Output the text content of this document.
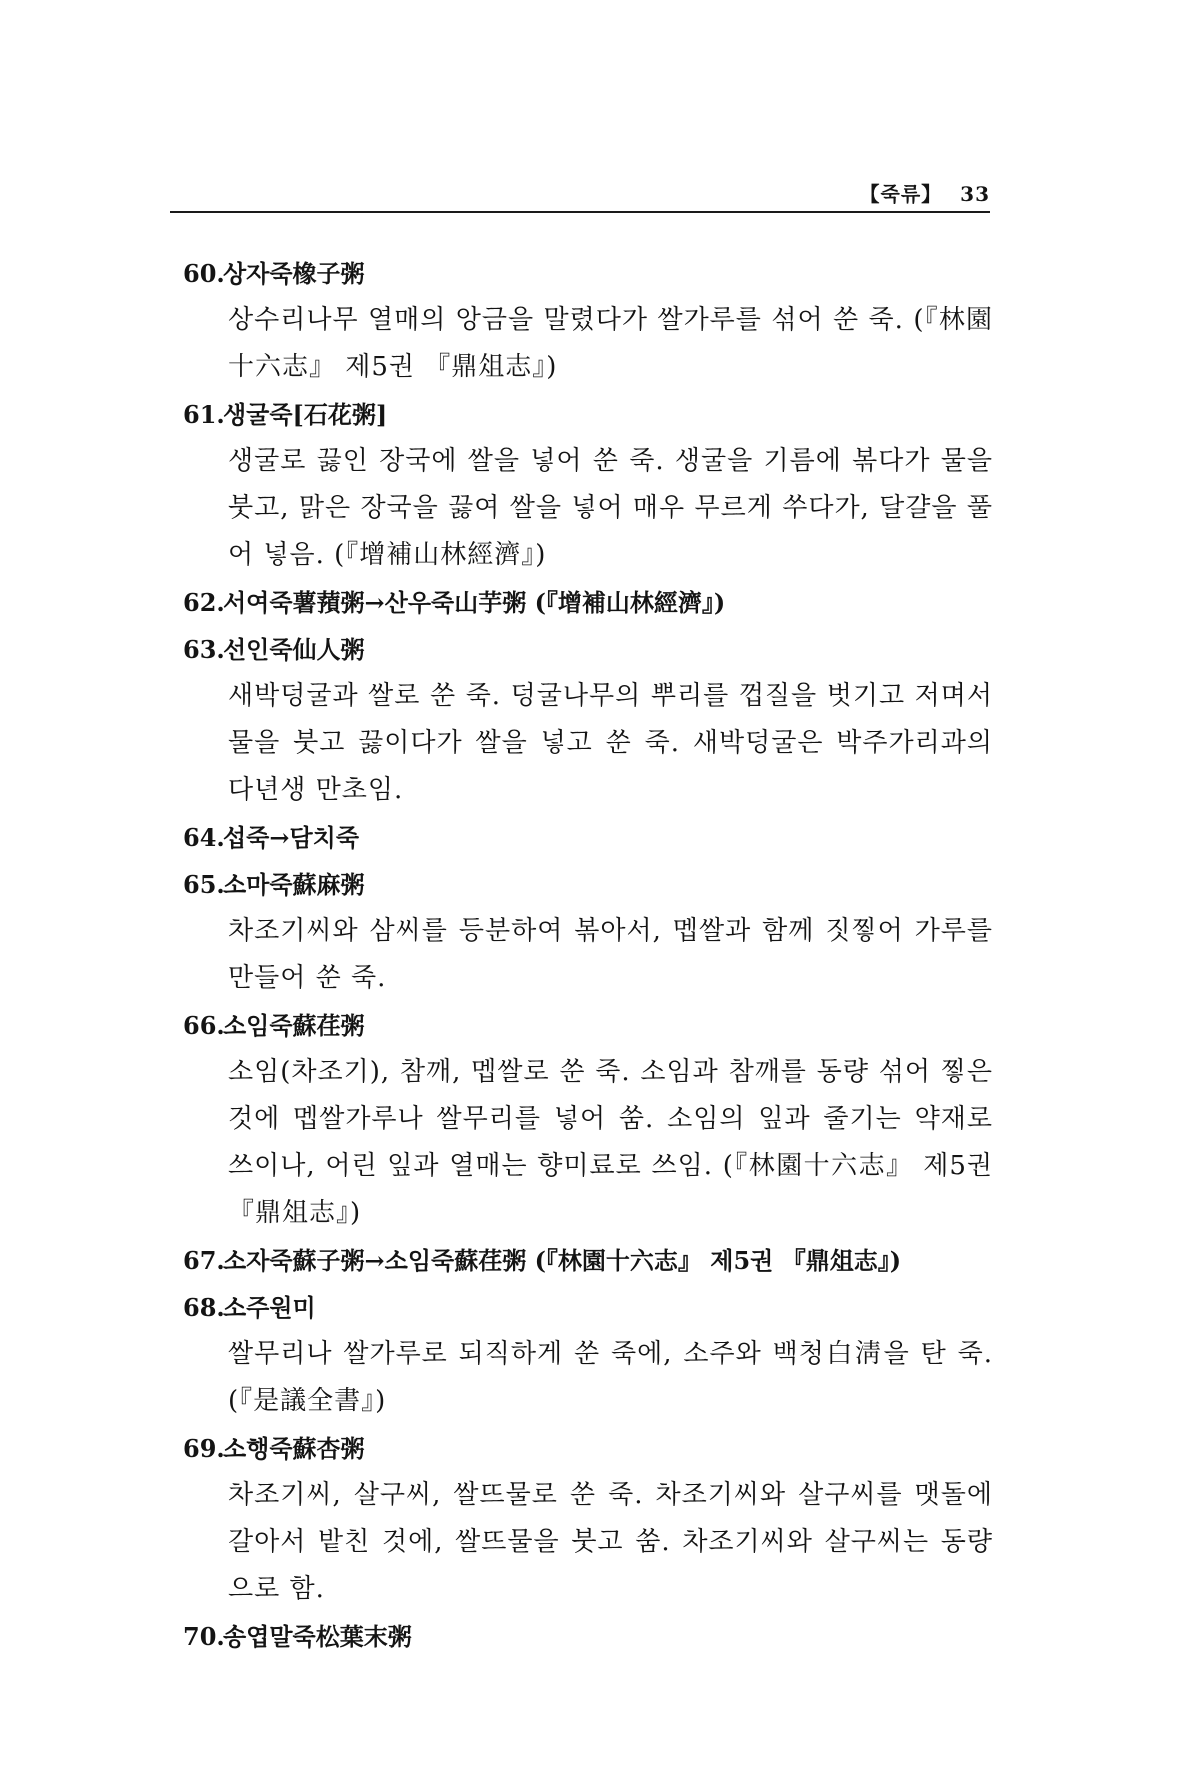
【죽류】 33
60.상자죽橡子粥
상수리나무 열매의 앙금을 말렸다가 쌀가루를 섞어 쑨 죽. (『林園十六志』 제5권 『鼎俎志』)
61.생굴죽[石花粥]
생굴로 끓인 장국에 쌀을 넣어 쑨 죽. 생굴을 기름에 볶다가 물을 붓고, 맑은 장국을 끓여 쌀을 넣어 매우 무르게 쑤다가, 달걀을 풀어 넣음. (『增補山林經濟』)
62.서여죽薯蕷粥→산우죽山芋粥 (『增補山林經濟』)
63.선인죽仙人粥
새박덩굴과 쌀로 쑨 죽. 덩굴나무의 뿌리를 껍질을 벗기고 저며서 물을 붓고 끓이다가 쌀을 넣고 쑨 죽. 새박덩굴은 박주가리과의 다년생 만초임.
64.섭죽→담치죽
65.소마죽蘇麻粥
차조기씨와 삼씨를 등분하여 볶아서, 멥쌀과 함께 짓찧어 가루를 만들어 쑨 죽.
66.소임죽蘇荏粥
소임(차조기), 참깨, 멥쌀로 쑨 죽. 소임과 참깨를 동량 섞어 찧은 것에 멥쌀가루나 쌀무리를 넣어 쑴. 소임의 잎과 줄기는 약재로 쓰이나, 어린 잎과 열매는 향미료로 쓰임. (『林園十六志』 제5권 『鼎俎志』)
67.소자죽蘇子粥→소임죽蘇荏粥 (『林園十六志』 제5권 『鼎俎志』)
68.소주원미
쌀무리나 쌀가루로 되직하게 쑨 죽에, 소주와 백청白淸을 탄 죽. (『是議全書』)
69.소행죽蘇杏粥
차조기씨, 살구씨, 쌀뜨물로 쑨 죽. 차조기씨와 살구씨를 맷돌에 갈아서 밭친 것에, 쌀뜨물을 붓고 쑴. 차조기씨와 살구씨는 동량으로 함.
70.송엽말죽松葉末粥
